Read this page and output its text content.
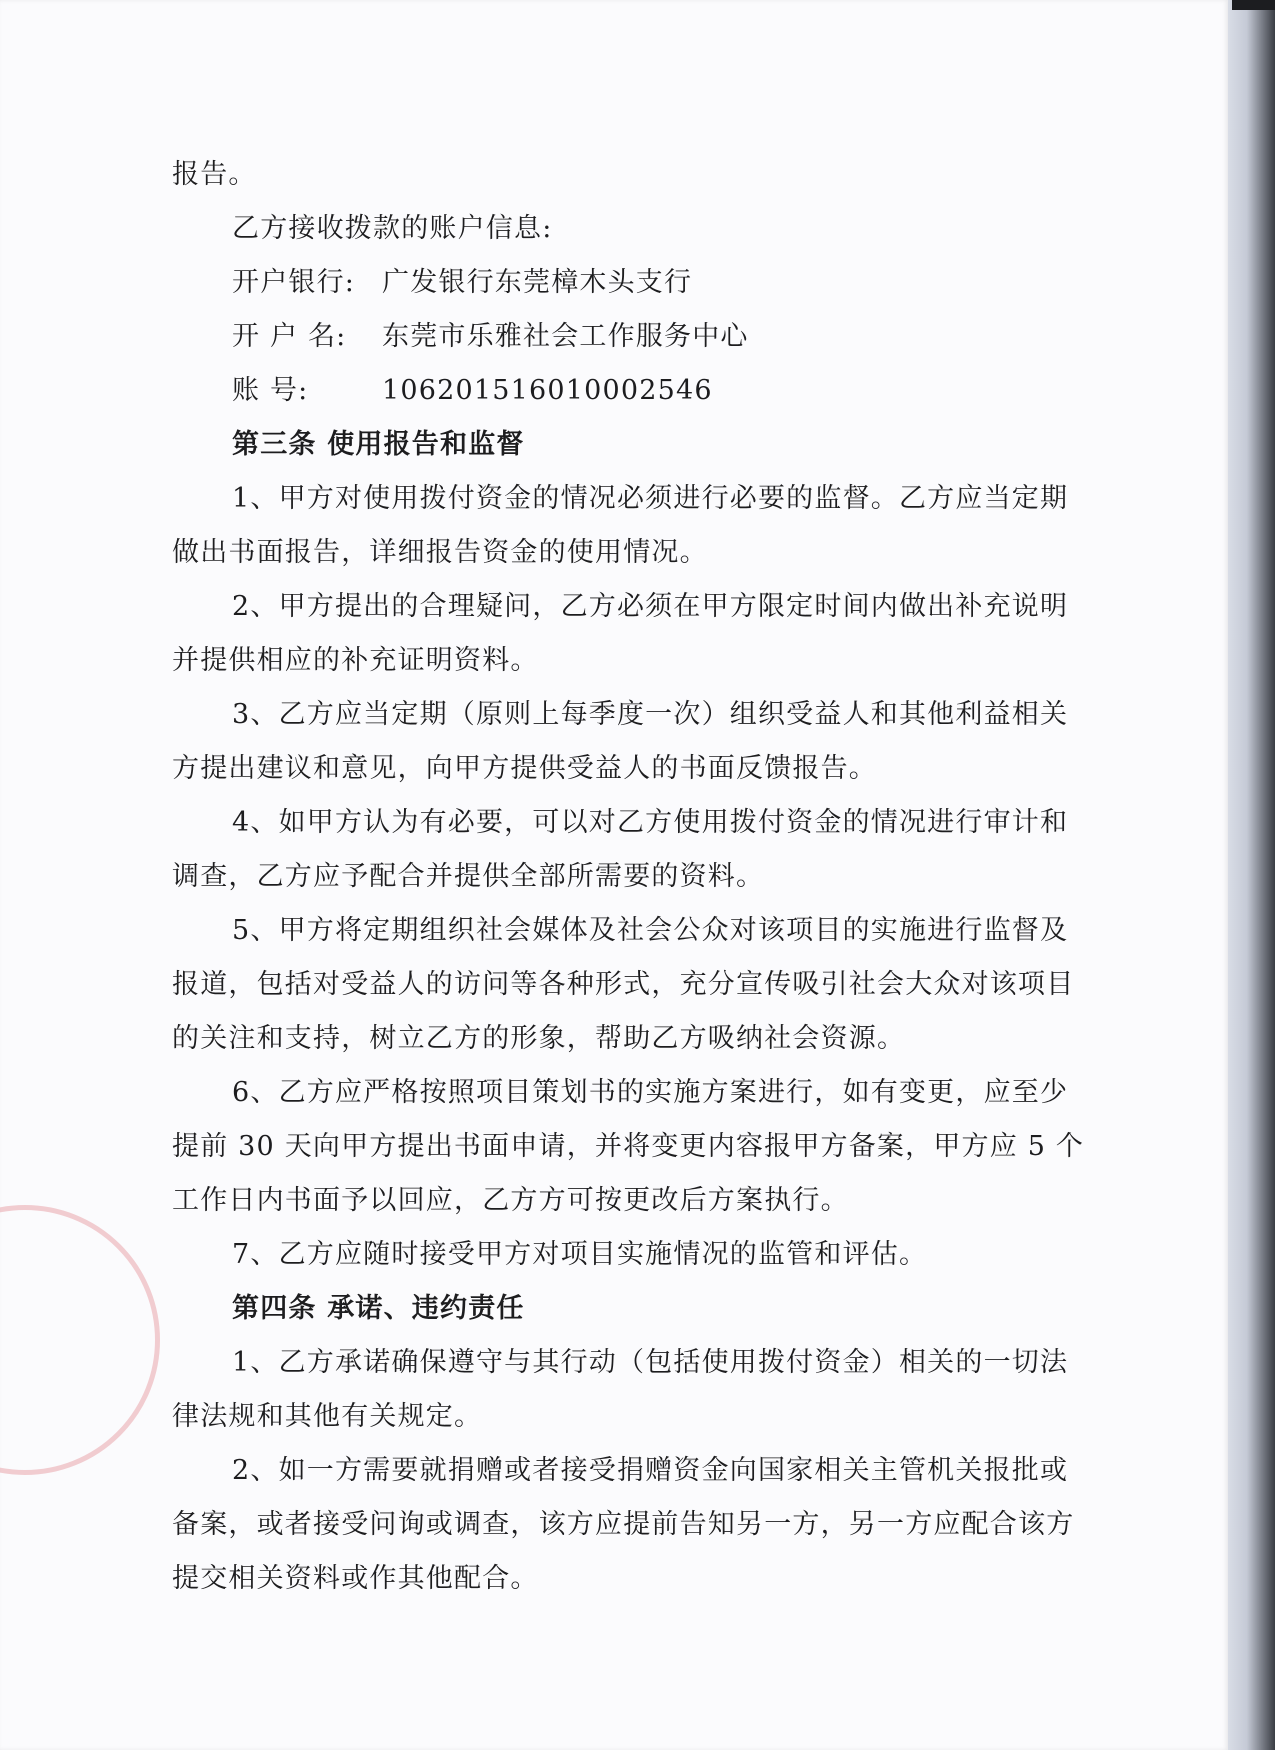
报告。

乙方接收拨款的账户信息:

开户银行: 广发银行东莞樟木头支行

开 户 名: 东莞市乐雅社会工作服务中心

账 号:	106201516010002546

第三条 使用报告和监督

1、甲方对使用拨付资金的情况必须进行必要的监督。乙方应当定期

做出书面报告，详细报告资金的使用情况。

2、甲方提出的合理疑问，乙方必须在甲方限定时间内做出补充说明

并提供相应的补充证明资料。

3、乙方应当定期（原则上每季度一次）组织受益人和其他利益相关

方提出建议和意见，向甲方提供受益人的书面反馈报告。

4、如甲方认为有必要，可以对乙方使用拨付资金的情况进行审计和

调查，乙方应予配合并提供全部所需要的资料。

5、甲方将定期组织社会媒体及社会公众对该项目的实施进行监督及

报道，包括对受益人的访问等各种形式，充分宣传吸引社会大众对该项目

的关注和支持，树立乙方的形象，帮助乙方吸纳社会资源。

6、乙方应严格按照项目策划书的实施方案进行，如有变更，应至少

提前 30 天向甲方提出书面申请，并将变更内容报甲方备案，甲方应 5 个

工作日内书面予以回应，乙方方可按更改后方案执行。

7、乙方应随时接受甲方对项目实施情况的监管和评估。

第四条 承诺、违约责任

1、乙方承诺确保遵守与其行动（包括使用拨付资金）相关的一切法

律法规和其他有关规定。

2、如一方需要就捐赠或者接受捐赠资金向国家相关主管机关报批或

备案，或者接受问询或调查，该方应提前告知另一方，另一方应配合该方

提交相关资料或作其他配合。
